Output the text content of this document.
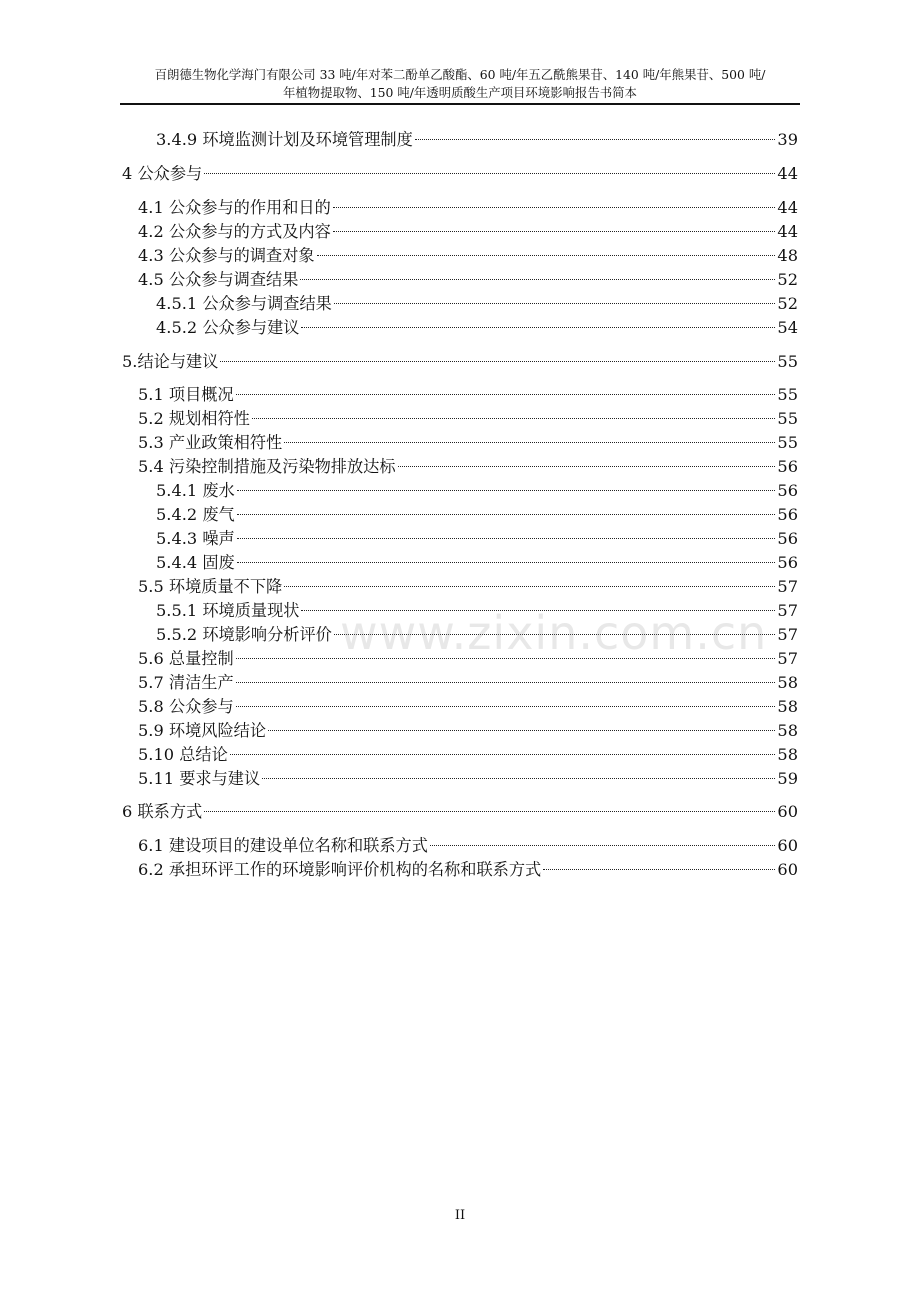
百朗德生物化学海门有限公司 33 吨/年对苯二酚单乙酸酯、60 吨/年五乙酰熊果苷、140 吨/年熊果苷、500 吨/
年植物提取物、150 吨/年透明质酸生产项目环境影响报告书简本
3.4.9 环境监测计划及环境管理制度	39
4 公众参与	44
4.1 公众参与的作用和日的	44
4.2 公众参与的方式及内容	44
4.3 公众参与的调查对象	48
4.5 公众参与调查结果	52
4.5.1 公众参与调查结果	52
4.5.2 公众参与建议	54
5.结论与建议	55
5.1 项目概况	55
5.2 规划相符性	55
5.3 产业政策相符性	55
5.4 污染控制措施及污染物排放达标	56
5.4.1 废水	56
5.4.2 废气	56
5.4.3 噪声	56
5.4.4 固废	56
5.5 环境质量不下降	57
5.5.1 环境质量现状	57
5.5.2 环境影响分析评价	57
5.6 总量控制	57
5.7 清洁生产	58
5.8 公众参与	58
5.9 环境风险结论	58
5.10 总结论	58
5.11 要求与建议	59
6 联系方式	60
6.1 建设项目的建设单位名称和联系方式	60
6.2 承担环评工作的环境影响评价机构的名称和联系方式	60
www.zixin.com.cn
II
